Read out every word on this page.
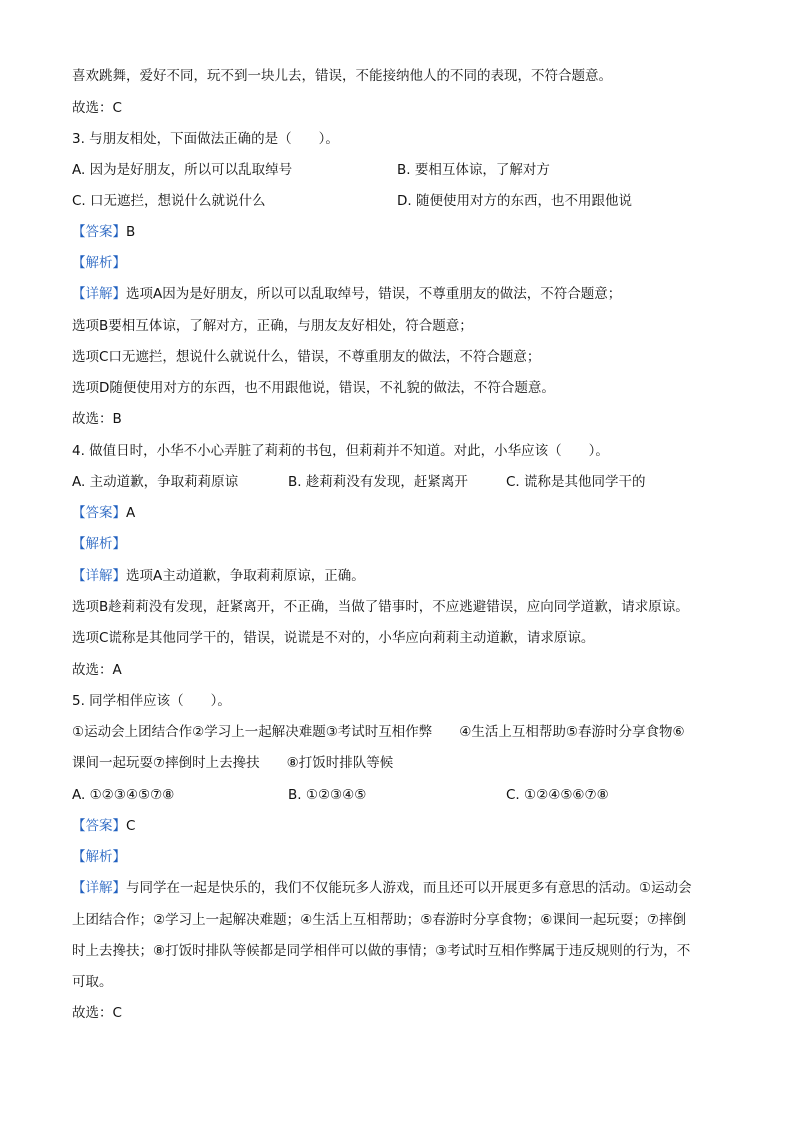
喜欢跳舞，爱好不同，玩不到一块儿去，错误，不能接纳他人的不同的表现，不符合题意。
故选：C
3. 与朋友相处，下面做法正确的是（　　）。
A. 因为是好朋友，所以可以乱取绰号	B. 要相互体谅，了解对方
C. 口无遮拦，想说什么就说什么	D. 随便使用对方的东西，也不用跟他说
【答案】B
【解析】
【详解】选项A因为是好朋友，所以可以乱取绰号，错误，不尊重朋友的做法，不符合题意；
选项B要相互体谅，了解对方，正确，与朋友友好相处，符合题意；
选项C口无遮拦，想说什么就说什么，错误，不尊重朋友的做法，不符合题意；
选项D随便使用对方的东西，也不用跟他说，错误，不礼貌的做法，不符合题意。
故选：B
4. 做值日时，小华不小心弄脏了莉莉的书包，但莉莉并不知道。对此，小华应该（　　）。
A. 主动道歉，争取莉莉原谅	B. 趁莉莉没有发现，赶紧离开	C. 谎称是其他同学干的
【答案】A
【解析】
【详解】选项A主动道歉，争取莉莉原谅，正确。
选项B趁莉莉没有发现，赶紧离开，不正确，当做了错事时，不应逃避错误，应向同学道歉，请求原谅。
选项C谎称是其他同学干的，错误，说谎是不对的，小华应向莉莉主动道歉，请求原谅。
故选：A
5. 同学相伴应该（　　）。
①运动会上团结合作②学习上一起解决难题③考试时互相作弊　　④生活上互相帮助⑤春游时分享食物⑥
课间一起玩耍⑦摔倒时上去搀扶　　⑧打饭时排队等候
A. ①②③④⑤⑦⑧	B. ①②③④⑤	C. ①②④⑤⑥⑦⑧
【答案】C
【解析】
【详解】与同学在一起是快乐的，我们不仅能玩多人游戏，而且还可以开展更多有意思的活动。①运动会
上团结合作；②学习上一起解决难题；④生活上互相帮助；⑤春游时分享食物；⑥课间一起玩耍；⑦摔倒
时上去搀扶；⑧打饭时排队等候都是同学相伴可以做的事情；③考试时互相作弊属于违反规则的行为，不
可取。
故选：C
